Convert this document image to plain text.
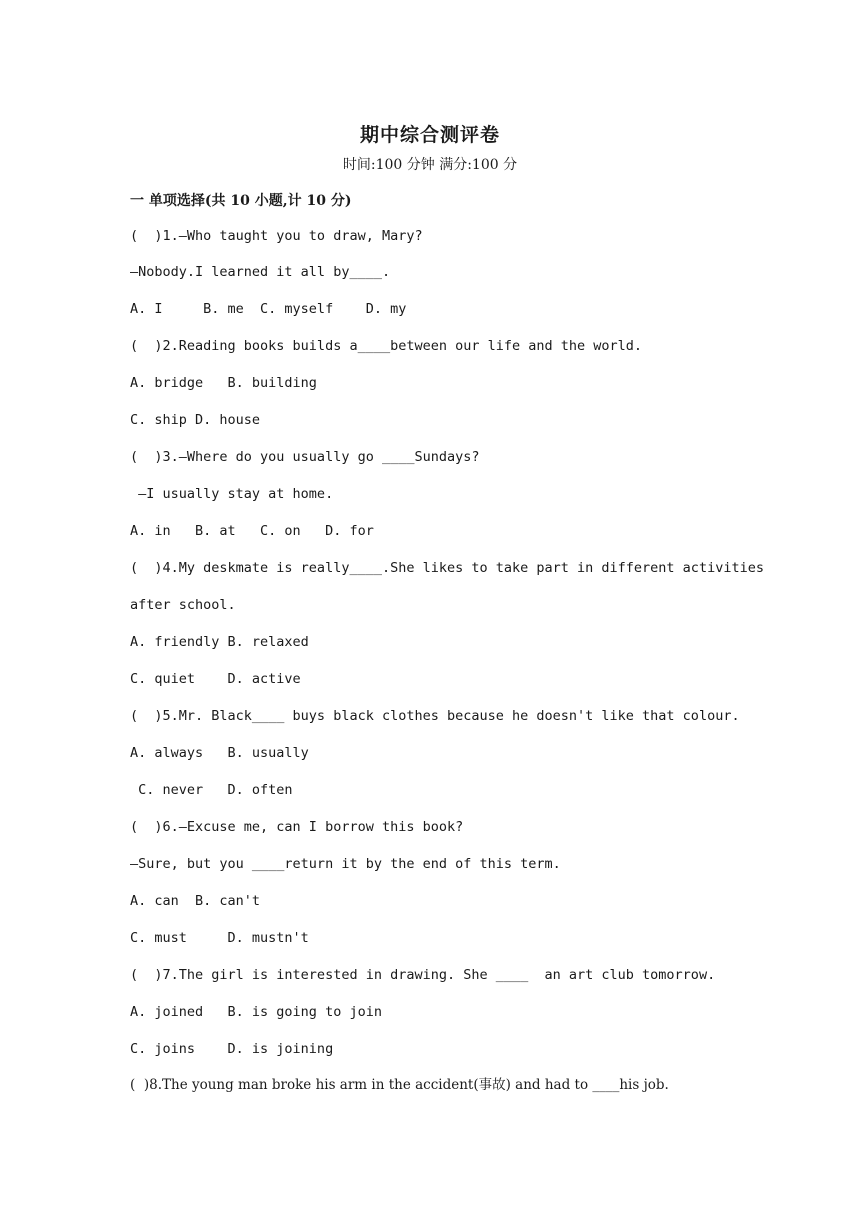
期中综合测评卷
时间:100 分钟 满分:100 分
一 单项选择(共 10 小题,计 10 分)
(  )1.—Who taught you to draw, Mary?
—Nobody.I learned it all by____.
A. I     B. me  C. myself    D. my
(  )2.Reading books builds a____between our life and the world.
A. bridge   B. building
C. ship D. house
(  )3.—Where do you usually go ____Sundays?
—I usually stay at home.
A. in   B. at   C. on   D. for
(  )4.My deskmate is really____.She likes to take part in different activities
after school.
A. friendly B. relaxed
C. quiet    D. active
(  )5.Mr. Black____ buys black clothes because he doesn't like that colour.
A. always   B. usually
C. never   D. often
(  )6.—Excuse me, can I borrow this book?
—Sure, but you ____return it by the end of this term.
A. can  B. can't
C. must     D. mustn't
(  )7.The girl is interested in drawing. She ____  an art club tomorrow.
A. joined   B. is going to join
C. joins    D. is joining
(  )8.The young man broke his arm in the accident(事故) and had to ____his job.
